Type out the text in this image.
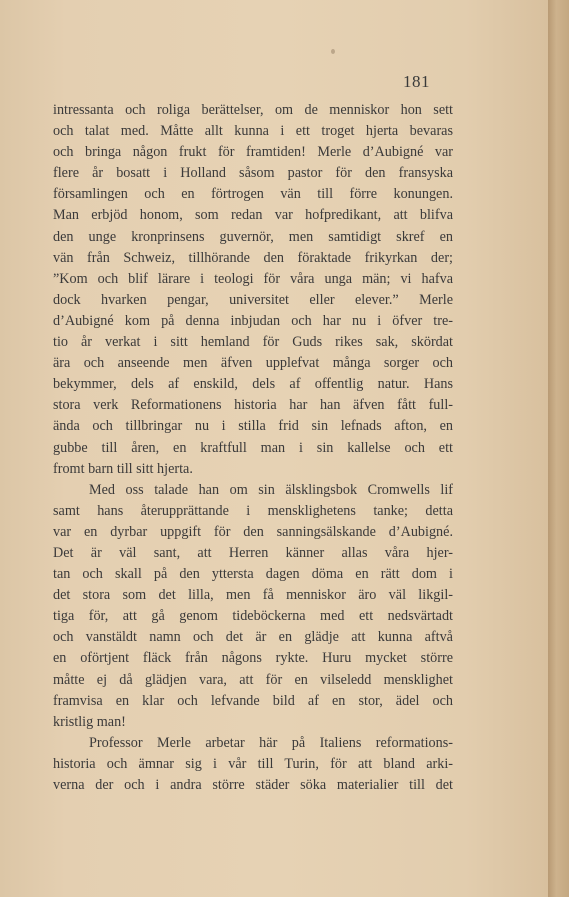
181
intressanta och roliga berättelser, om de menniskor hon sett
och talat med. Måtte allt kunna i ett troget hjerta bevaras
och bringa någon frukt för framtiden! Merle d’Aubigné var
flere år bosatt i Holland såsom pastor för den fransyska
församlingen och en förtrogen vän till förre konungen.
Man erbjöd honom, som redan var hofpredikant, att blifva
den unge kronprinsens guvernör, men samtidigt skref en
vän från Schweiz, tillhörande den föraktade frikyrkan der;
”Kom och blif lärare i teologi för våra unga män; vi hafva
dock hvarken pengar, universitet eller elever.” Merle
d’Aubigné kom på denna inbjudan och har nu i öfver tre-
tio år verkat i sitt hemland för Guds rikes sak, skördat
ära och anseende men äfven upplefvat många sorger och
bekymmer, dels af enskild, dels af offentlig natur. Hans
stora verk Reformationens historia har han äfven fått full-
ända och tillbringar nu i stilla frid sin lefnads afton, en
gubbe till åren, en kraftfull man i sin kallelse och ett
fromt barn till sitt hjerta.
Med oss talade han om sin älsklingsbok Cromwells lif
samt hans återupprättande i mensklighetens tanke; detta
var en dyrbar uppgift för den sanningsälskande d’Aubigné.
Det är väl sant, att Herren känner allas våra hjer-
tan och skall på den yttersta dagen döma en rätt dom i
det stora som det lilla, men få menniskor äro väl likgil-
tiga för, att gå genom tideböckerna med ett nedsvärtadt
och vanstäldt namn och det är en glädje att kunna aftvå
en oförtjent fläck från någons rykte. Huru mycket större
måtte ej då glädjen vara, att för en vilseledd mensklighet
framvisa en klar och lefvande bild af en stor, ädel och
kristlig man!
Professor Merle arbetar här på Italiens reformations-
historia och ämnar sig i vår till Turin, för att bland arki-
verna der och i andra större städer söka materialier till det
